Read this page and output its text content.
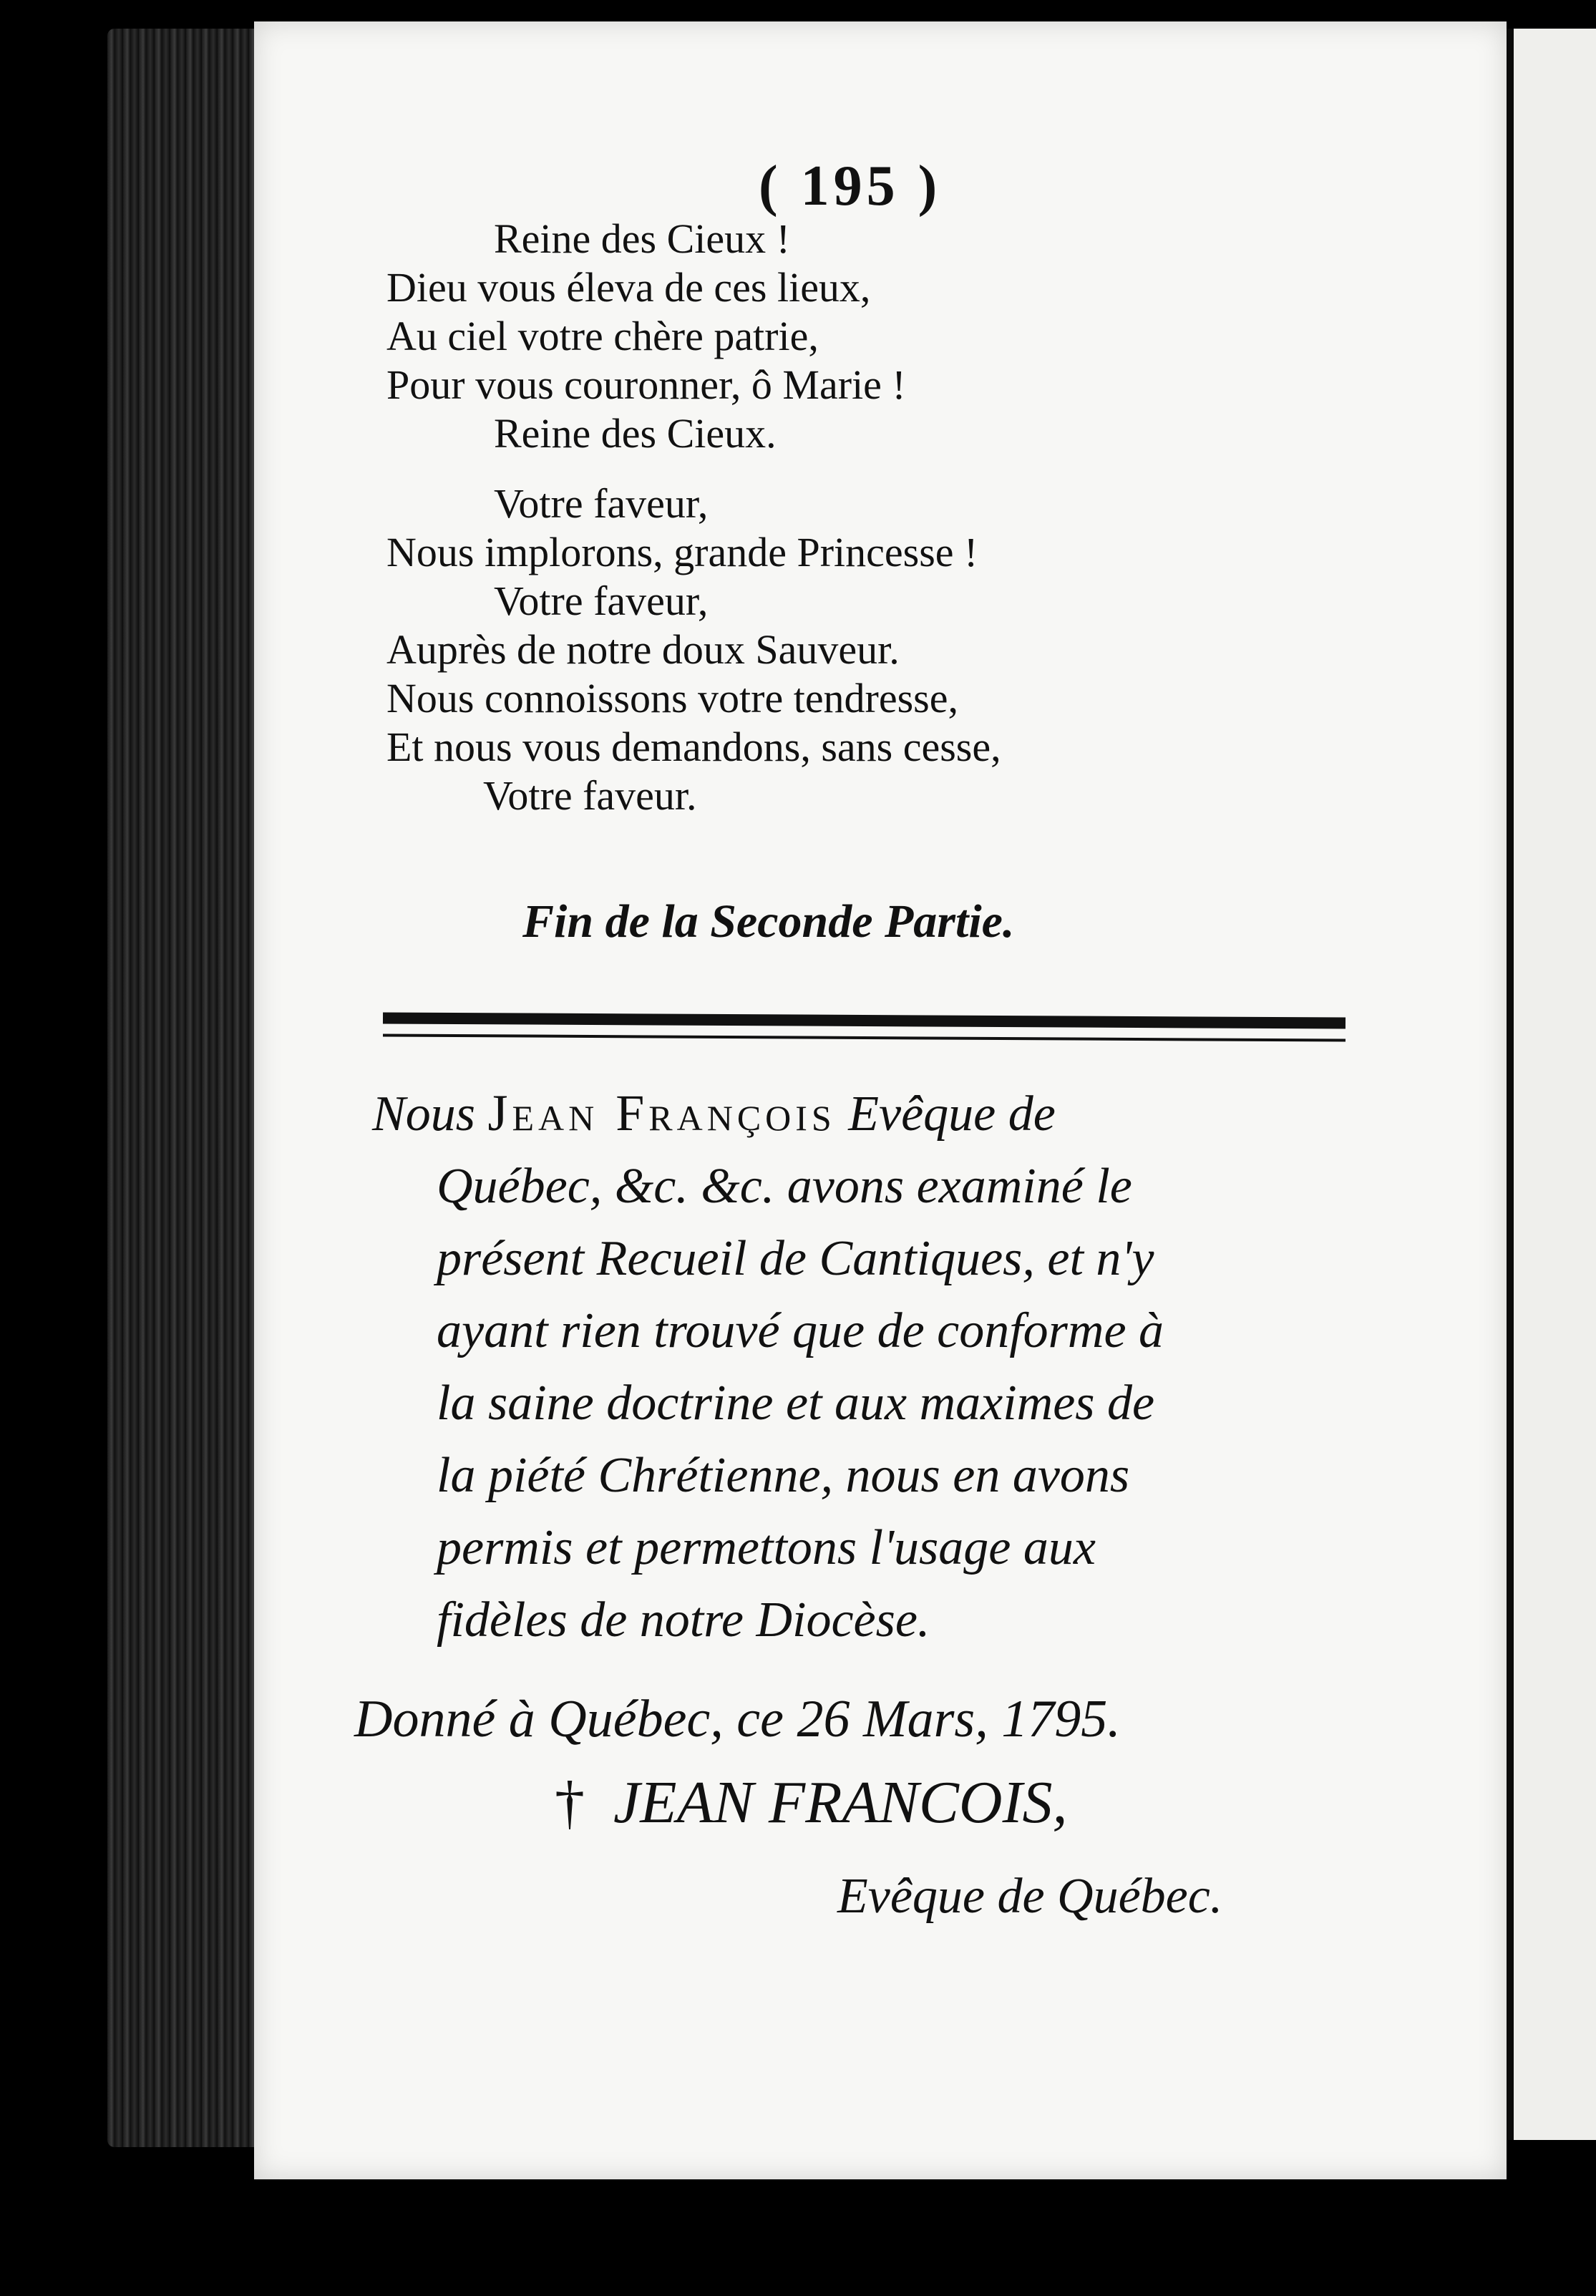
( 195 )
Reine des Cieux !
Dieu vous éleva de ces lieux,
Au ciel votre chère patrie,
Pour vous couronner, ô Marie !
Reine des Cieux.
Votre faveur,
Nous implorons, grande Princesse !
Votre faveur,
Auprès de notre doux Sauveur.
Nous connoissons votre tendresse,
Et nous vous demandons, sans cesse,
Votre faveur.
Fin de la Seconde Partie.
Nous Jean François Evêque de
Québec, &c. &c. avons examiné le
présent Recueil de Cantiques, et n'y
ayant rien trouvé que de conforme à
la saine doctrine et aux maximes de
la piété Chrétienne, nous en avons
permis et permettons l'usage aux
fidèles de notre Diocèse.
Donné à Québec, ce 26 Mars, 1795.
† JEAN FRANCOIS,
Evêque de Québec.
